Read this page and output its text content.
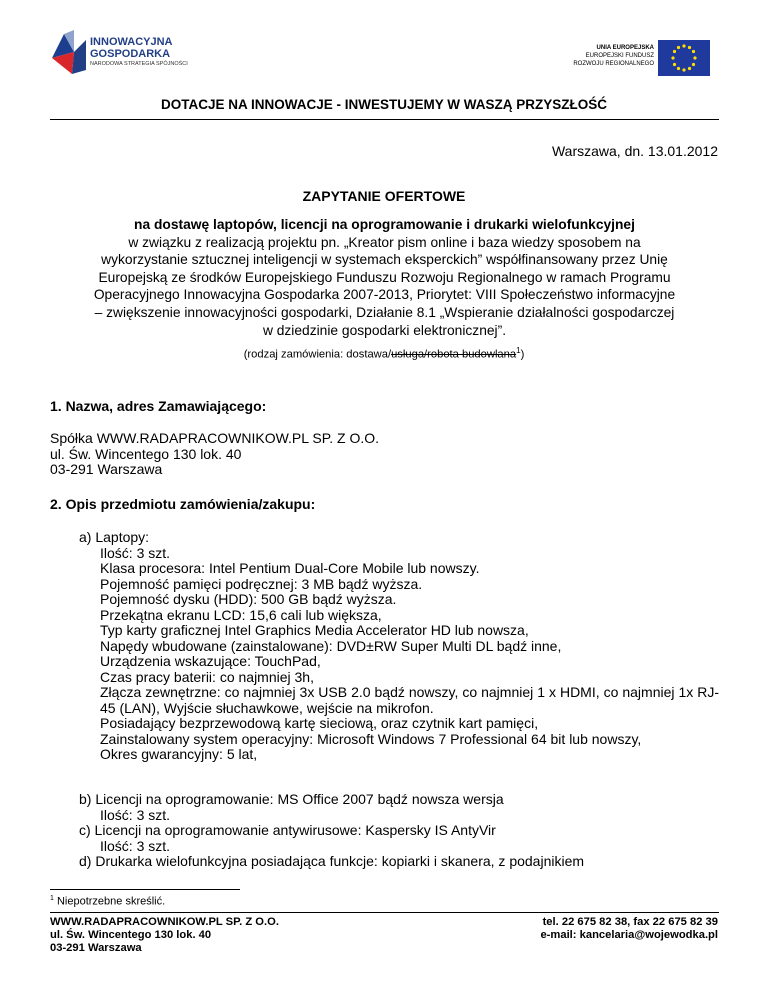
INNOWACYJNA
GOSPODARKA
NARODOWA STRATEGIA SPÓJNOŚCI
UNIA EUROPEJSKA
EUROPEJSKI FUNDUSZ
ROZWOJU REGIONALNEGO
DOTACJE NA INNOWACJE - INWESTUJEMY W WASZĄ PRZYSZŁOŚĆ
Warszawa, dn. 13.01.2012
ZAPYTANIE OFERTOWE
na dostawę laptopów, licencji na oprogramowanie i drukarki wielofunkcyjnej
w związku z realizacją projektu pn. „Kreator pism online i baza wiedzy sposobem na
wykorzystanie sztucznej inteligencji w systemach eksperckich” współfinansowany przez Unię
Europejską ze środków Europejskiego Funduszu Rozwoju Regionalnego w ramach Programu
Operacyjnego Innowacyjna Gospodarka 2007-2013, Priorytet: VIII Społeczeństwo informacyjne
– zwiększenie innowacyjności gospodarki, Działanie 8.1 „Wspieranie działalności gospodarczej
w dziedzinie gospodarki elektronicznej”.
(rodzaj zamówienia: dostawa/usługa/robota budowlana$^1$)
1. Nazwa, adres Zamawiającego:
Spółka WWW.RADAPRACOWNIKOW.PL SP. Z O.O.
ul. Św. Wincentego 130 lok. 40
03-291 Warszawa
2. Opis przedmiotu zamówienia/zakupu:
a) Laptopy:
Ilość: 3 szt.
Klasa procesora: Intel Pentium Dual-Core Mobile lub nowszy.
Pojemność pamięci podręcznej: 3 MB bądź wyższa.
Pojemność dysku (HDD): 500 GB bądź wyższa.
Przekątna ekranu LCD: 15,6 cali lub większa,
Typ karty graficznej Intel Graphics Media Accelerator HD lub nowsza,
Napędy wbudowane (zainstalowane): DVD±RW Super Multi DL bądź inne,
Urządzenia wskazujące: TouchPad,
Czas pracy baterii: co najmniej 3h,
Złącza zewnętrzne: co najmniej 3x USB 2.0 bądź nowszy, co najmniej 1 x HDMI, co najmniej 1x RJ-45 (LAN), Wyjście słuchawkowe, wejście na mikrofon.
Posiadający bezprzewodową kartę sieciową, oraz czytnik kart pamięci,
Zainstalowany system operacyjny: Microsoft Windows 7 Professional 64 bit lub nowszy,
Okres gwarancyjny: 5 lat,
b) Licencji na oprogramowanie: MS Office 2007 bądź nowsza wersja
Ilość: 3 szt.
c) Licencji na oprogramowanie antywirusowe: Kaspersky IS AntyVir
Ilość: 3 szt.
d) Drukarka wielofunkcyjna posiadająca funkcje: kopiarki i skanera, z podajnikiem
$^1$ Niepotrzebne skreślić.
WWW.RADAPRACOWNIKOW.PL SP. Z O.O.
ul. Św. Wincentego 130 lok. 40
03-291 Warszawa
tel. 22 675 82 38, fax 22 675 82 39
e-mail: kancelaria@wojewodka.pl
